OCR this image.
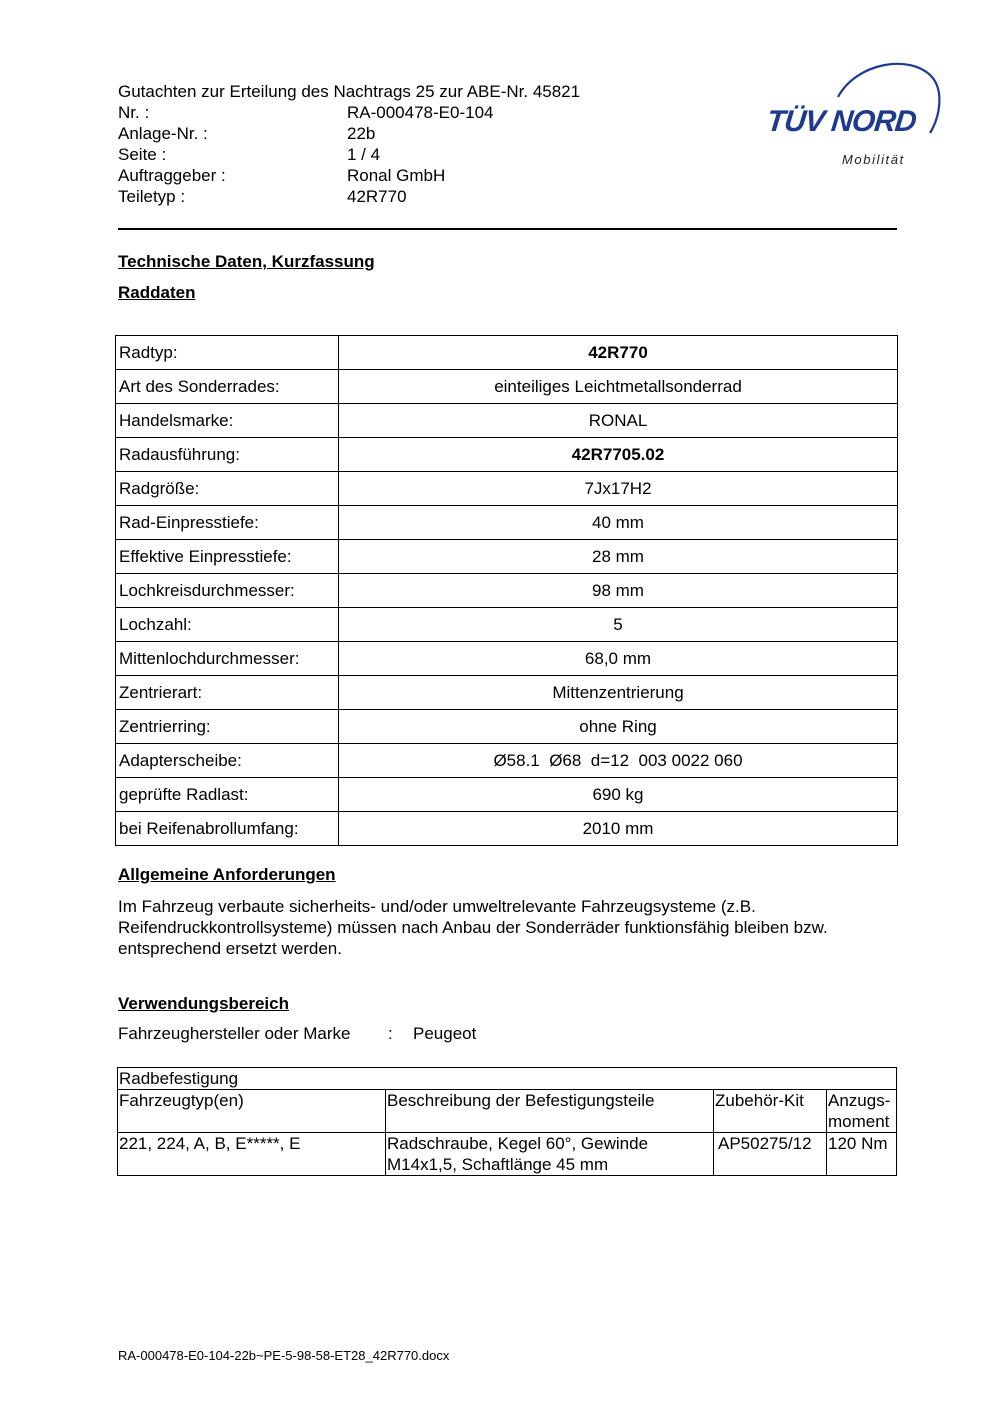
Gutachten zur Erteilung des Nachtrags 25 zur ABE-Nr. 45821
Nr. :	RA-000478-E0-104
Anlage-Nr. :	22b
Seite :	1 / 4
Auftraggeber :	Ronal GmbH
Teiletyp :	42R770
TÜV NORD
Mobilität
Technische Daten, Kurzfassung
Raddaten
Radtyp:	42R770
Art des Sonderrades:	einteiliges Leichtmetallsonderrad
Handelsmarke:	RONAL
Radausführung:	42R7705.02
Radgröße:	7Jx17H2
Rad-Einpresstiefe:	40 mm
Effektive Einpresstiefe:	28 mm
Lochkreisdurchmesser:	98 mm
Lochzahl:	5
Mittenlochdurchmesser:	68,0 mm
Zentrierart:	Mittenzentrierung
Zentrierring:	ohne Ring
Adapterscheibe:	Ø58.1  Ø68  d=12  003 0022 060
geprüfte Radlast:	690 kg
bei Reifenabrollumfang:	2010 mm
Allgemeine Anforderungen
Im Fahrzeug verbaute sicherheits- und/oder umweltrelevante Fahrzeugsysteme (z.B. Reifendruckkontrollsysteme) müssen nach Anbau der Sonderräder funktionsfähig bleiben bzw. entsprechend ersetzt werden.
Verwendungsbereich
Fahrzeughersteller oder Marke	:	Peugeot
Radbefestigung			
Fahrzeugtyp(en)	Beschreibung der Befestigungsteile	Zubehör-Kit	Anzugs-
moment
221, 224, A, B, E*****, E	Radschraube, Kegel 60°, Gewinde M14x1,5, Schaftlänge 45 mm	AP50275/12	120 Nm
RA-000478-E0-104-22b~PE-5-98-58-ET28_42R770.docx
